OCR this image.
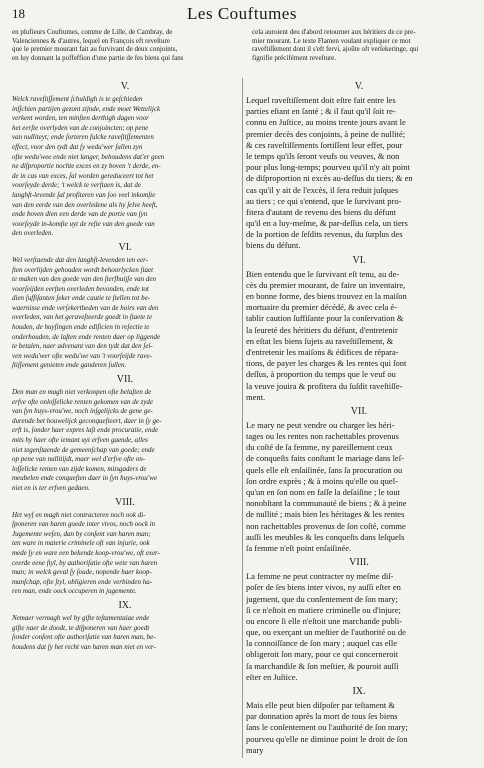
18	Les Couftumes
en plufieurs Couftumes, comme de Lille, de Cambray, de
Valenciennes & d'autres, lequel en François eft reveſture
que le premier mourant fait au furvivant de deux conjoints,
en luy donnant la poffeffion d'une partie de fes biens qui fans
cela auroient deu d'abord retourner aux héritiers de ce pre-
mier mourant. Le texte Flamen voulant expliquer ce mot
raveftiſſement dont il s'eft fervi, ajoûte oft verſekeringe, qui
fignifie précifément reveſture.
V.
Welck raveſtiſſement ſchuldigh is te geſchieden
inſſchien partijen gezont zijnde, ende moet Wettelijck
verkent worden, ten minſten derthigh dagen voor
het eerſte overlyden van de conjoincten; op pene
van nulliteyt; ende ſorteren ſulcke raveſtiſſementen
effect, voor den tydt dat ſy wedu'wer ſullen zyn
ofte wedu'wee ende niet langer, behoudens dat'er geen
ne diſproportie nochte exces en zy boven 't derde, en-
de in cas van exces, ſal worden gereduceert tot het
voorſeyde derde; 't welck te verſtaen is, dat de
langhſt-levende ſal profiteren van ſoo veel inkomſte
van den eerde van den overledene als hy ſelve heeft,
ende boven dien een derde van de portie van ſyn
voorſeyde in-komſte uyt de reſte van den goede van
den overleden.
VI.
Wel verſtaende dat den langhſt-levenden ten eer-
ſten overlijden gehouden wordt behoorlycken ſtaet
te maken van den goede van den ſterfhuijſe van den
voorſeijden eerſten overleden bevonden, ende tot
dien ſuffiſanten ſeker ende cautie te ſtellen tot be-
waernisse ende verſekertheden van de hoirs van den
overleden, van het geraveſteerde goedt in ſtaete te
houden, de huyſingen ende edificien in reſectie te
onderhouden, de laſten ende renten daer op liggende
te betalen, naer advenant van den tydt dat den ſel-
ven wedu'wer ofte wedu'we van 't voorſeijde rave-
ſtiſſement genieten ende ganderen ſullen.
VII.
Den man en magh niet verkoopen ofte belaſten de
erfve ofte onloſſelicke renten gekomen van de zyde
van ſyn huys-vrou'we, noch inſgelijcks de gene ge-
durende het houwelijck geconqueſteert, daer in ſy ge-
erft is, ſonder haer expres laſt ende procuratie, ende
mits hy haer ofte iemant uyt erfven gaende, alles
niet tegenſtaende de gemeenſchap van goede; ende
op pene van nullitijdt, maer wel d'erfve ofte on-
loſſelicke renten van zijde komen, mitsgaders de
meubelen ende conqueſten daer in ſyn huys-vrou'we
niet en is ter erfven gedaen.
VIII.
Het wyf en magh niet contracteren noch ook di-
ſponeren van haren goede inter vivos, noch oock in
Jugemente weſen, dan by conſent van haren man;
ten ware in materie criminele oft van injurie, ook
mede ſy en ware een bekende koop-vrou'we, oft exer-
ceerde eene ſtyl, by authoriſatie ofte wete van haren
man; in welck geval ſy ſoude, nopende haer koop-
manſchap, ofte ſtyl, obligieren ende verbinden ha-
ren man, ende oock occuperen in jugemente.
IX.
Nemaer vermagh wel by gifte teſtamentaiae ende
gifte naer de doodt, te diſponeren van haer goedt
ſonder conſent ofte authoriſatie van haren man, be-
houdens dat ſy het recht van haren man niet en ver-
V.
Lequel raveſtiſſement doit eſtre fait entre les
parties eſtant en ſanté ; & il faut qu'il ſoit re-
connu en Juſtice, au moins trente jours avant le
premier decès des conjoints, à peine de nullité;
& ces raveſtiſſements ſortiſſent leur effet, pour
le temps qu'ils ſeront veufs ou veuves, & non
pour plus long-temps; pourveu qu'il n'y ait point
de diſproportion ni excès au-deſſus du tiers; & en
cas qu'il y ait de l'excès, il ſera reduit juſques
au tiers ; ce qui s'entend, que le ſurvivant pro-
fitera d'autant de revenu des biens du défunt
qu'il en a luy-meſme, & par-deſſus cela, un tiers
de la portion de ſeſdits revenus, du ſurplus des
biens du défunt.
VI.
Bien entendu que le ſurvivant eſt tenu, au de-
cès du premier mourant, de faire un inventaire,
en bonne forme, des biens trouvez en la maiſon
mortuaire du premier décédé, & avec cela é-
tablir caution ſuffiſante pour la conſervation &
la ſeureté des héritiers du défunt, d'entretenir
en eſtat les biens ſujets au raveſtiſſement, &
d'entretenir les maiſons & édifices de répara-
tions, de payer les charges & les rentes qui ſont
deſſus, à proportion du temps que le veuf ou
la veuve jouira & profitera du ſuſdit raveſtiſſe-
ment.
VII.
Le mary ne peut vendre ou charger les héri-
tages ou les rentes non rachettables provenus
du coſté de ſa femme, ny pareillement ceux
de conqueſts faits conſtant le mariage dans leſ-
quels elle eſt enſaiſinée, ſans ſa procuration ou
ſon ordre exprès ; & à moins qu'elle ou quel-
qu'un en ſon nom en faſſe la deſaiſine ; le tout
nonobſtant la communauté de biens ; & à peine
de nullité ; mais bien les héritages & les rentes
non rachettables provenus de ſon coſté, comme
auſſi les meubles & les conqueſts dans leſquels
ſa femme n'eſt point enſaiſinée.
VIII.
La femme ne peut contracter ny meſme diſ-
poſer de ſes biens inter vivos, ny auſſi eſter en
jugement, que du conſentement de ſon mary;
ſi ce n'eſtoit en matiere criminelle ou d'injure;
ou encore ſi elle n'eſtoit une marchande publi-
que, ou exerçant un meſtier de l'authorité ou de
la connoiſſance de ſon mary ; auquel cas elle
obligeroit ſon mary, pour ce qui concerneroit
ſa marchandiſe & ſon meſtier, & pouroit auſſi
eſter en Juſtice.
IX.
Mais elle peut bien diſpoſer par teſtament &
par donnation après la mort de tous ſes biens
ſans le conſentement ou l'authorité de ſon mary;
pourveu qu'elle ne diminue point le droit de ſon
mary
